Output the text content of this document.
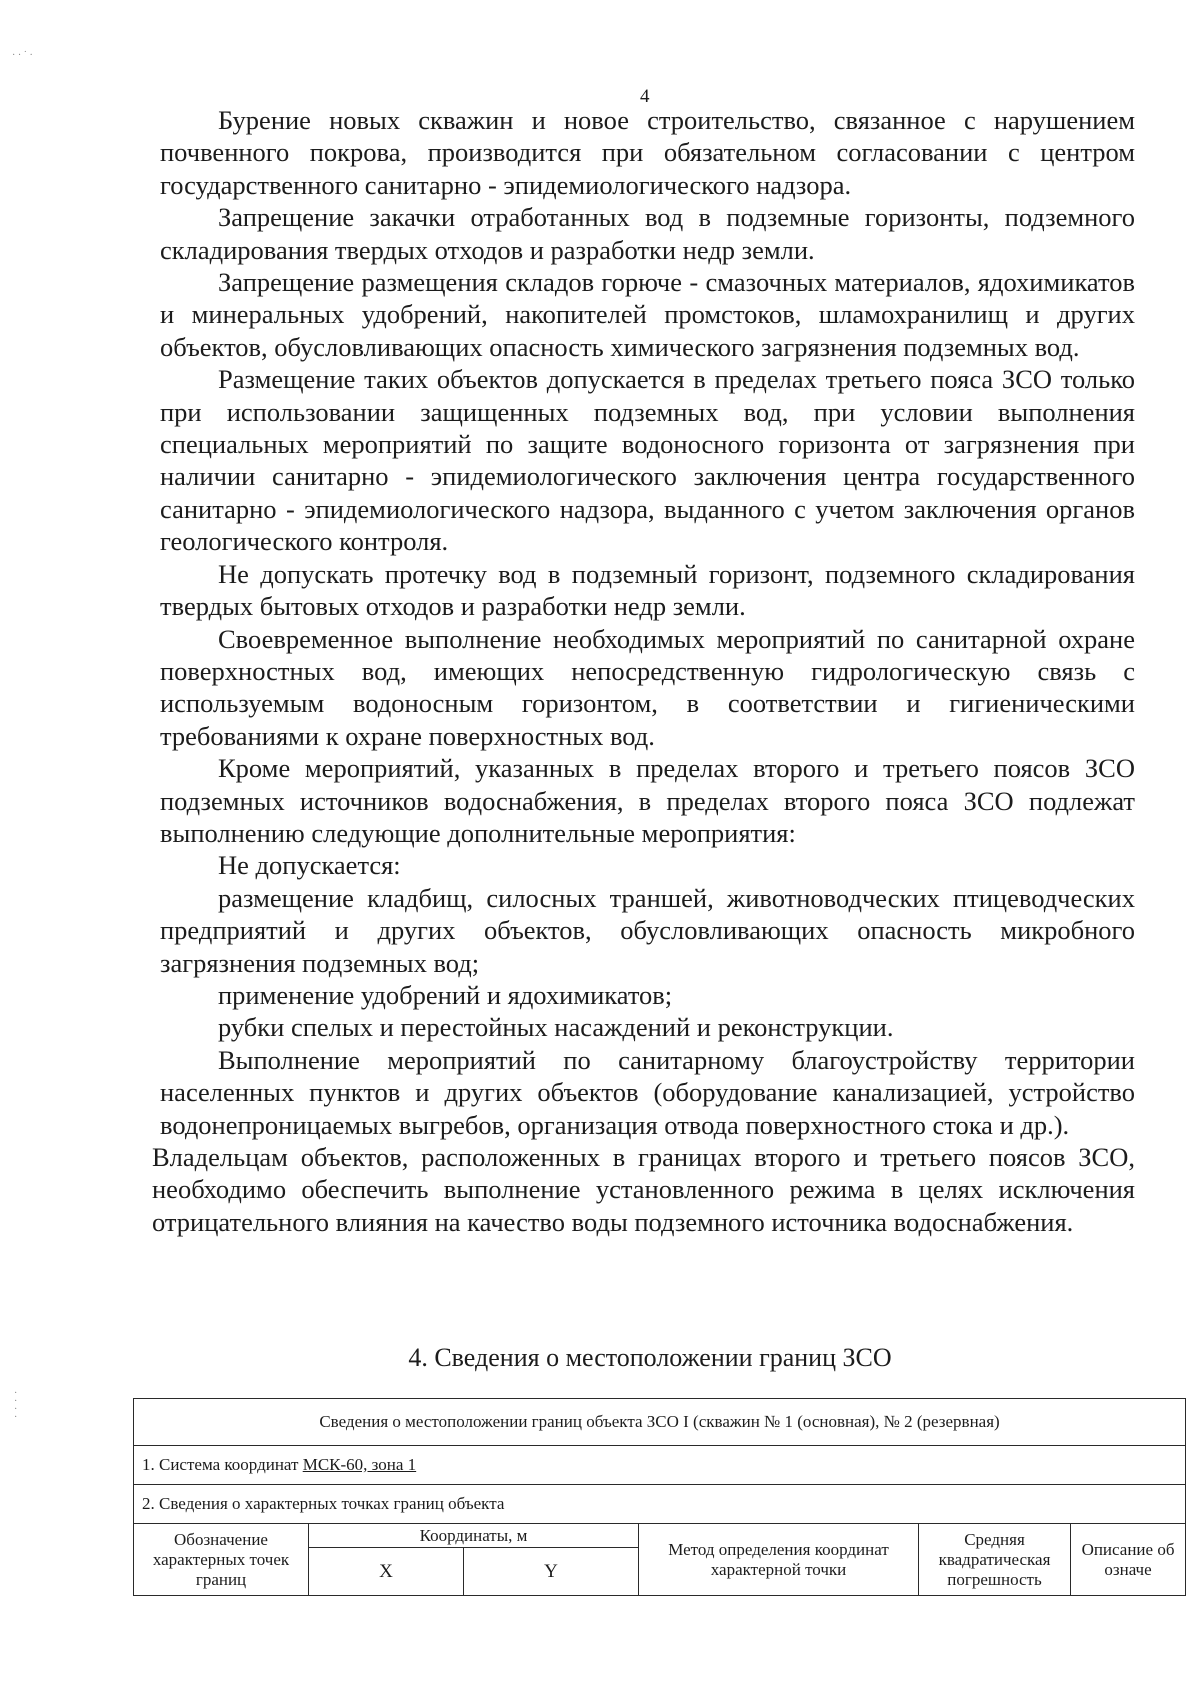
4

Бурение новых скважин и новое строительство, связанное с нарушением почвенного покрова, производится при обязательном согласовании с центром государственного санитарно - эпидемиологического надзора.

Запрещение закачки отработанных вод в подземные горизонты, подземного складирования твердых отходов и разработки недр земли.

Запрещение размещения складов горюче - смазочных материалов, ядохимикатов и минеральных удобрений, накопителей промстоков, шламохранилищ и других объектов, обусловливающих опасность химического загрязнения подземных вод.

Размещение таких объектов допускается в пределах третьего пояса ЗСО только при использовании защищенных подземных вод, при условии выполнения специальных мероприятий по защите водоносного горизонта от загрязнения при наличии санитарно - эпидемиологического заключения центра государственного санитарно - эпидемиологического надзора, выданного с учетом заключения органов геологического контроля.

Не допускать протечку вод в подземный горизонт, подземного складирования твердых бытовых отходов и разработки недр земли.

Своевременное выполнение необходимых мероприятий по санитарной охране поверхностных вод, имеющих непосредственную гидрологическую связь с используемым водоносным горизонтом, в соответствии и гигиеническими требованиями к охране поверхностных вод.

Кроме мероприятий, указанных в пределах второго и третьего поясов ЗСО подземных источников водоснабжения, в пределах второго пояса ЗСО подлежат выполнению следующие дополнительные мероприятия:

Не допускается:

размещение кладбищ, силосных траншей, животноводческих птицеводческих предприятий и других объектов, обусловливающих опасность микробного загрязнения подземных вод;

применение удобрений и ядохимикатов;

рубки спелых и перестойных насаждений и реконструкции.

Выполнение мероприятий по санитарному благоустройству территории населенных пунктов и других объектов (оборудование канализацией, устройство водонепроницаемых выгребов, организация отвода поверхностного стока и др.).

Владельцам объектов, расположенных в границах второго и третьего поясов ЗСО, необходимо обеспечить выполнение установленного режима в целях исключения отрицательного влияния на качество воды подземного источника водоснабжения.

4. Сведения о местоположении границ ЗСО
Сведения о местоположении границ объекта ЗСО I (скважин № 1 (основная), № 2 (резервная)					
1. Система координат МСК-60, зона 1					
2. Сведения о характерных точках границ объекта					
Обозначение характерных точек границ	Координаты, м		Метод определения координат характерной точки	Средняя квадратическая погрешность	Описание обозначе
	X	Y			
· · ˙ ·
·
·
·
·
